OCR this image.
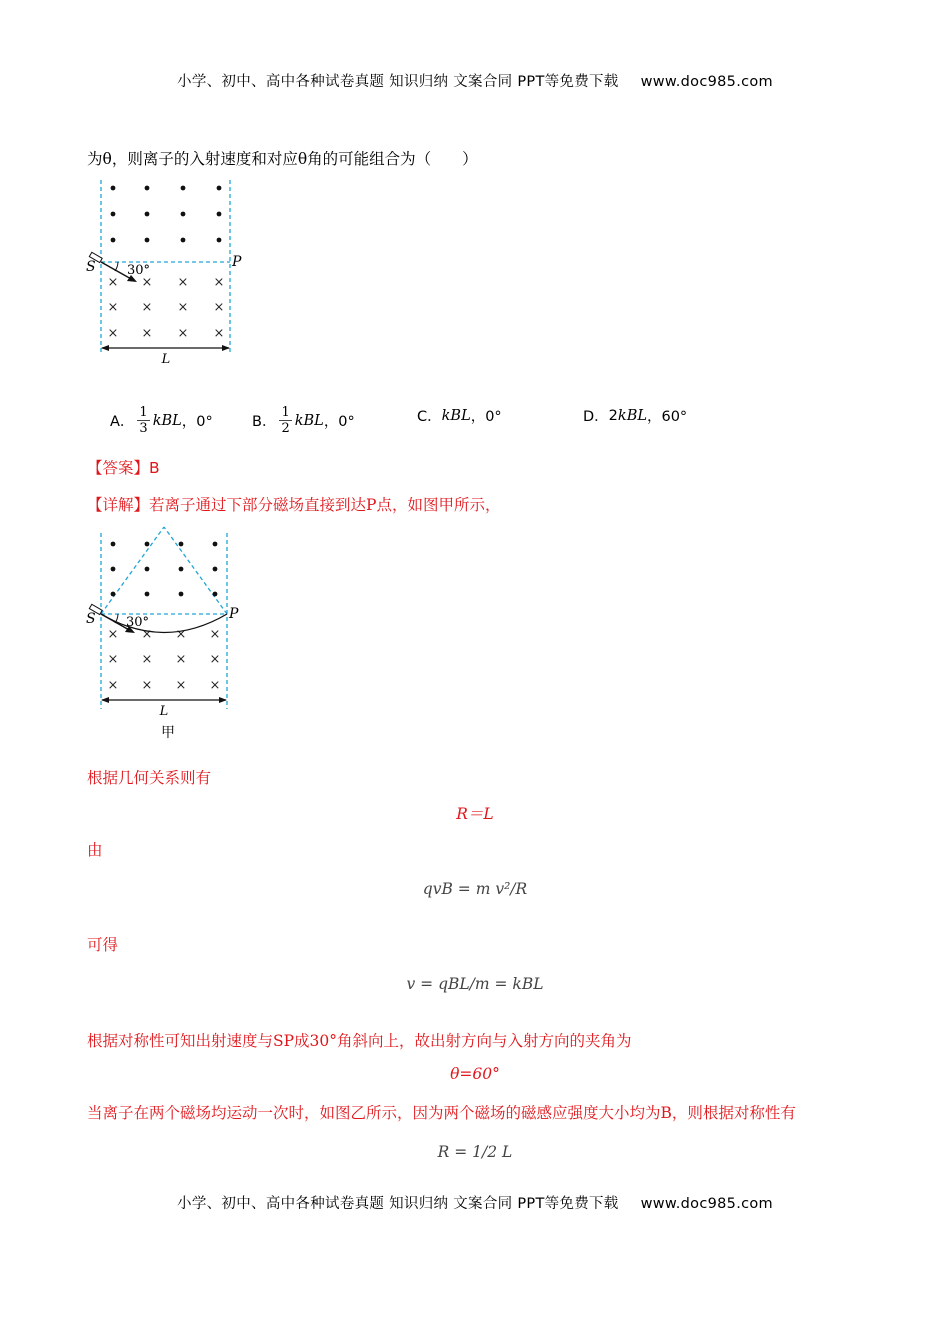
小学、初中、高中各种试卷真题 知识归纳 文案合同 PPT等免费下载 www.doc985.com
为θ，则离子的入射速度和对应θ角的可能组合为（　　）
× × × ×
× × × ×
× × × ×
30°
S	P
L
A． $\frac{1}{3}$ kBL ，0°	B． $\frac{1}{2}$ kBL ，0°	C． kBL ，0°	D． 2 kBL ，60°
【答案】B
【详解】若离子通过下部分磁场直接到达P点，如图甲所示，
× × × ×
× × × ×
× × × ×
30°
S	P
L
甲
根据几何关系则有
R＝L
由
qvB = m v²/R
可得
v = qBL/m = kBL
根据对称性可知出射速度与SP成30°角斜向上，故出射方向与入射方向的夹角为
θ=60°
当离子在两个磁场均运动一次时，如图乙所示，因为两个磁场的磁感应强度大小均为B，则根据对称性有
R = 1/2 L
小学、初中、高中各种试卷真题 知识归纳 文案合同 PPT等免费下载 www.doc985.com
